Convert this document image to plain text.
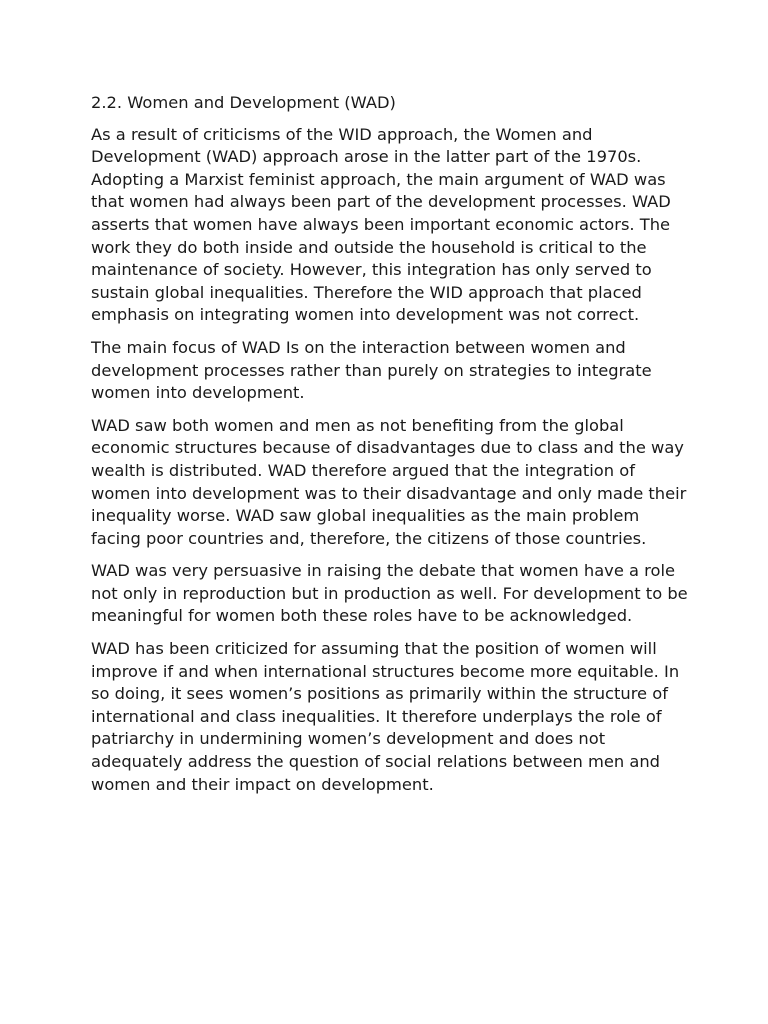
2.2. Women and Development (WAD)

As a result of criticisms of the WID approach, the Women and Development (WAD) approach arose in the latter part of the 1970s. Adopting a Marxist feminist approach, the main argument of WAD was that women had always been part of the development processes. WAD asserts that women have always been important economic actors. The work they do both inside and outside the household is critical to the maintenance of society. However, this integration has only served to sustain global inequalities. Therefore the WID approach that placed emphasis on integrating women into development was not correct.

The main focus of WAD Is on the interaction between women and development processes rather than purely on strategies to integrate women into development.

WAD saw both women and men as not benefiting from the global economic structures because of disadvantages due to class and the way wealth is distributed. WAD therefore argued that the integration of women into development was to their disadvantage and only made their inequality worse. WAD saw global inequalities as the main problem facing poor countries and, therefore, the citizens of those countries.

WAD was very persuasive in raising the debate that women have a role not only in reproduction but in production as well. For development to be meaningful for women both these roles have to be acknowledged.

WAD has been criticized for assuming that the position of women will improve if and when international structures become more equitable. In so doing, it sees women’s positions as primarily within the structure of international and class inequalities. It therefore underplays the role of patriarchy in undermining women’s development and does not adequately address the question of social relations between men and women and their impact on development.
